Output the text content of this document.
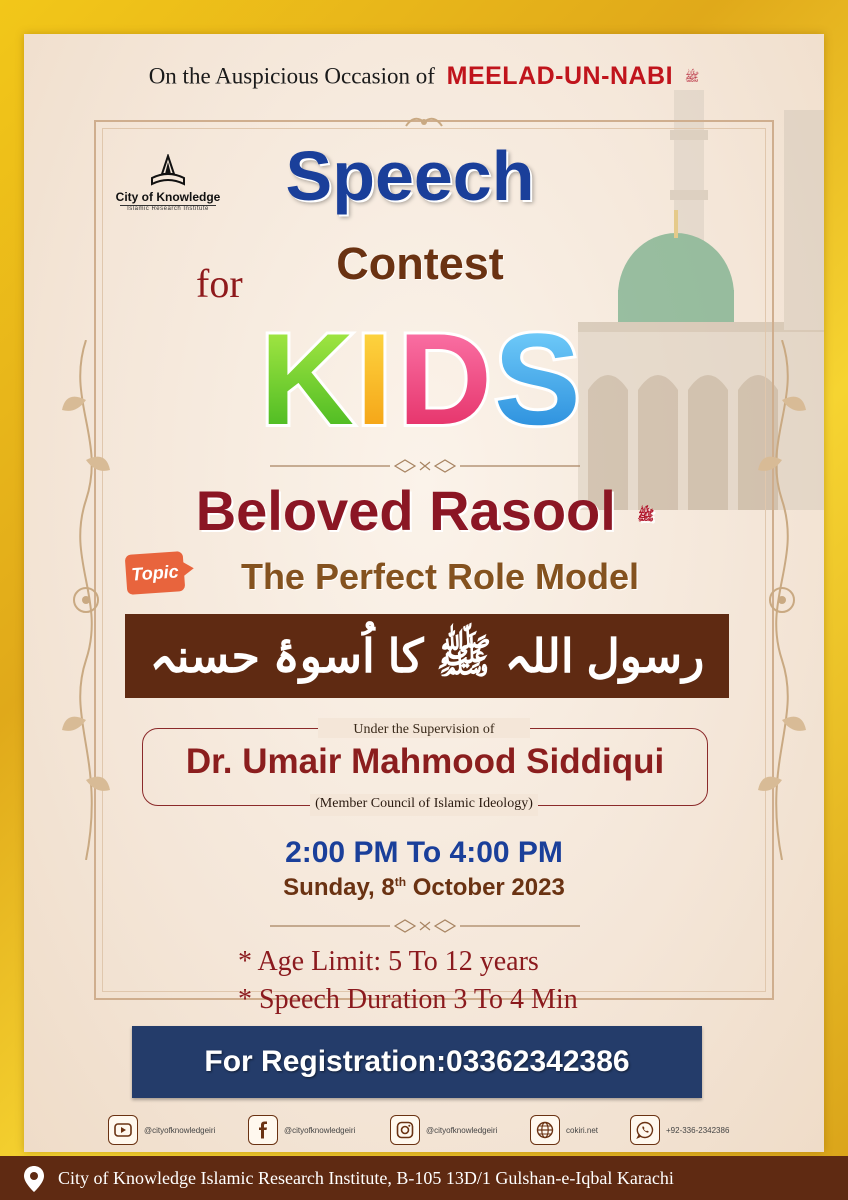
On the Auspicious Occasion of MEELAD-UN-NABI ﷺ
City of Knowledge
Islamic Research Institute	Speech
Contest
for
K I D S
Beloved Rasool ﷺ
Topic	The Perfect Role Model
رسول اللہ ﷺ کا اُسوۂ حسنہ
Under the Supervision of
Dr. Umair Mahmood Siddiqui
(Member Council of Islamic Ideology)
2:00 PM To 4:00 PM
Sunday, 8th October 2023
* Age Limit: 5 To 12 years
* Speech Duration 3 To 4 Min
For Registration:03362342386
@cityofknowledgeiri	@cityofknowledgeiri	@cityofknowledgeiri	cokiri.net	+92-336-2342386
City of Knowledge Islamic Research Institute, B-105 13D/1 Gulshan-e-Iqbal Karachi
